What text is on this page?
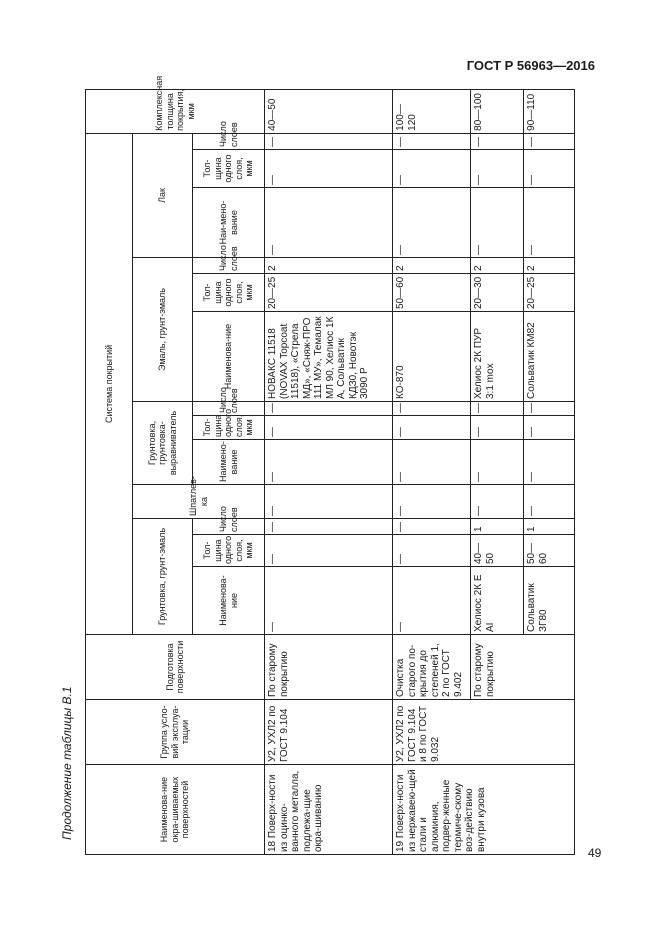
ГОСТ Р 56963—2016
Продолжение таблицы В.1	Наименова-ние окра-шиваемых поверхностей	Группа усло-вий эксплуа-тации	Подготовка поверхности	Система покрытий													Комплексная толщина покрытия, мкм
			Грунтовка, грунт-эмаль			Шпатлев-ка	Грунтовка, грунтовка-выравниватель			Эмаль, грунт-эмаль			Лак			
			Наименова-ние	Тол-щина одного слоя, мкм	Число слоев		Наимено-вание	Тол-щина одного слоя, мкм	Число слоев	Наименова-ние	Тол-щина одного слоя, мкм	Число слоев	Наи-мено-вание	Тол-щина одного слоя, мкм	Число слоев	
18 Поверх-ности из оцинко-ванного металла, подлежа-щие окра-шиванию	У2, УХЛ2 по ГОСТ 9.104	По старому покрытию	—	—	—	—	—	—	—	НОВАКС 11518 (NOVAX Topcoat 11518), «Стрела МД», «Сняж-ПРО 111 МУ», Темалак МЛ 90, Хелиос 1К А, Сольватик КДЗ0, Новотэк 3090 Р	20—25	2	—	—	—	40—50
19 Поверх-ности из нержавею-щей стали и алюминия, подвер-женные термиче-скому воз-действию внутри кузова	У2, УХЛ2 по ГОСТ 9.104 и 8 по ГОСТ 9.032	Очистка старого по-крытия до степеней 1, 2 по ГОСТ 9.402	—	—	—	—	—	—	—	КО-870	50—60	2	—	—	—	100—120
		По старому покрытию	Хелиос 2К Е AI	40—50	1	—	—	—	—	Хелиос 2К ПУР 3:1 mox	20—30	2	—	—	—	80—100
			Сольватик ЗГ80	50—60	1	—	—	—	—	Сольватик КМ82	20—25	2	—	—	—	90—110
49
